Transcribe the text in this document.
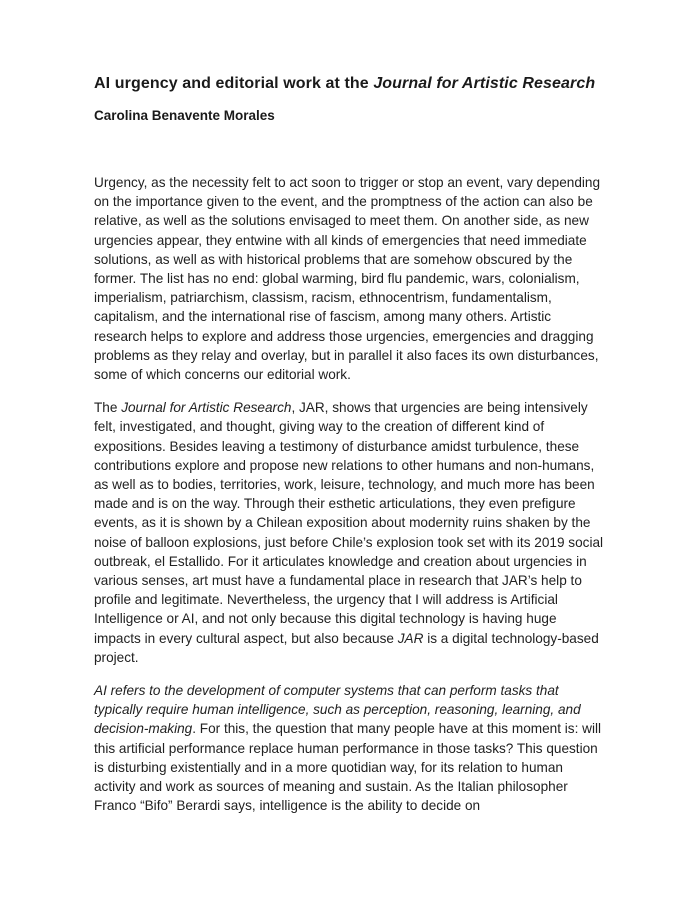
AI urgency and editorial work at the Journal for Artistic Research

Carolina Benavente Morales

Urgency, as the necessity felt to act soon to trigger or stop an event, vary depending on the importance given to the event, and the promptness of the action can also be relative, as well as the solutions envisaged to meet them. On another side, as new urgencies appear, they entwine with all kinds of emergencies that need immediate solutions, as well as with historical problems that are somehow obscured by the former. The list has no end: global warming, bird flu pandemic, wars, colonialism, imperialism, patriarchism, classism, racism, ethnocentrism, fundamentalism, capitalism, and the international rise of fascism, among many others. Artistic research helps to explore and address those urgencies, emergencies and dragging problems as they relay and overlay, but in parallel it also faces its own disturbances, some of which concerns our editorial work.

The Journal for Artistic Research, JAR, shows that urgencies are being intensively felt, investigated, and thought, giving way to the creation of different kind of expositions. Besides leaving a testimony of disturbance amidst turbulence, these contributions explore and propose new relations to other humans and non-humans, as well as to bodies, territories, work, leisure, technology, and much more has been made and is on the way. Through their esthetic articulations, they even prefigure events, as it is shown by a Chilean exposition about modernity ruins shaken by the noise of balloon explosions, just before Chile’s explosion took set with its 2019 social outbreak, el Estallido. For it articulates knowledge and creation about urgencies in various senses, art must have a fundamental place in research that JAR’s help to profile and legitimate. Nevertheless, the urgency that I will address is Artificial Intelligence or AI, and not only because this digital technology is having huge impacts in every cultural aspect, but also because JAR is a digital technology-based project.

AI refers to the development of computer systems that can perform tasks that typically require human intelligence, such as perception, reasoning, learning, and decision-making. For this, the question that many people have at this moment is: will this artificial performance replace human performance in those tasks? This question is disturbing existentially and in a more quotidian way, for its relation to human activity and work as sources of meaning and sustain. As the Italian philosopher Franco “Bifo” Berardi says, intelligence is the ability to decide on
